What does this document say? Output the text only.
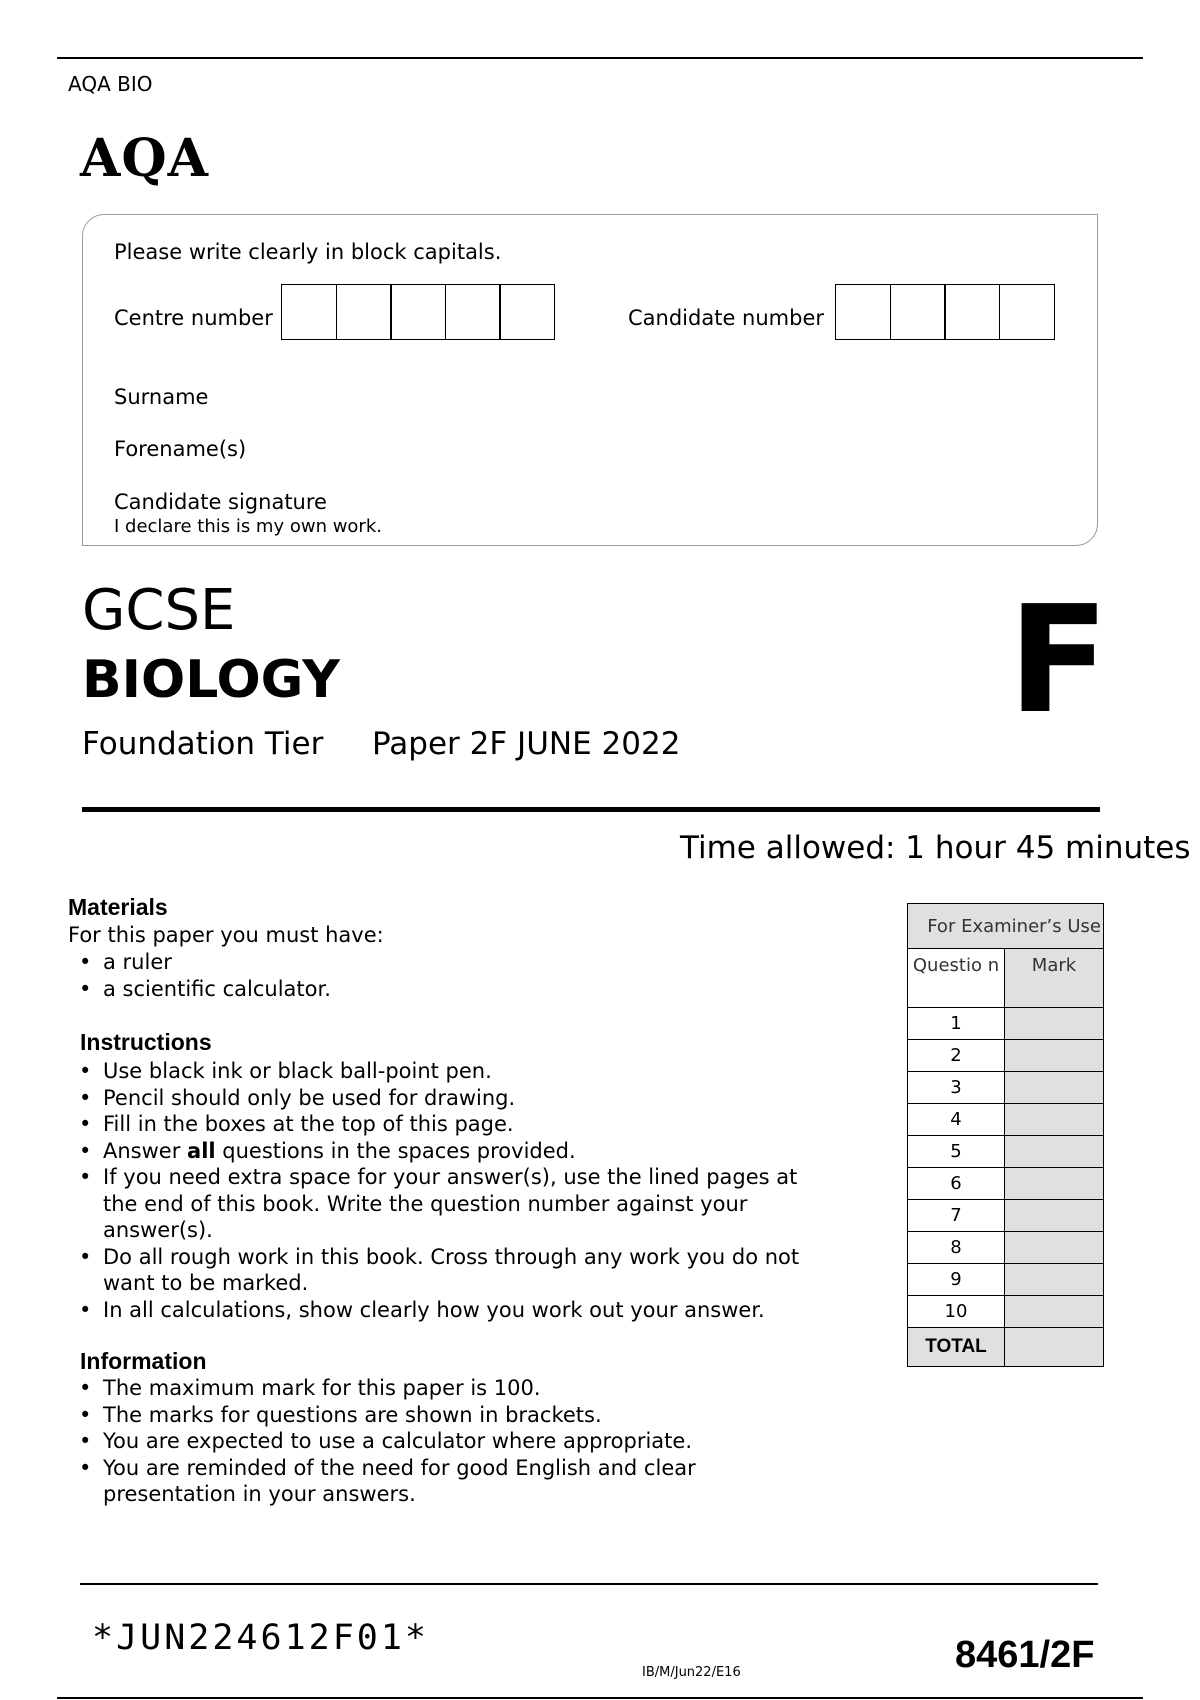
AQA BIO
AQA
Please write clearly in block capitals.
Centre number	Candidate number
Surname
Forename(s)
Candidate signature
I declare this is my own work.
GCSE
BIOLOGY
Foundation Tier Paper 2F JUNE 2022 F
Time allowed: 1 hour 45 minutes
Materials
For this paper you must have:
• a ruler
• a scientific calculator.
Instructions
• Use black ink or black ball-point pen.
• Pencil should only be used for drawing.
• Fill in the boxes at the top of this page.
• Answer all questions in the spaces provided.
• If you need extra space for your answer(s), use the lined pages at the end of this book. Write the question number against your answer(s).
• Do all rough work in this book. Cross through any work you do not want to be marked.
• In all calculations, show clearly how you work out your answer.
Information
• The maximum mark for this paper is 100.
• The marks for questions are shown in brackets.
• You are expected to use a calculator where appropriate.
• You are reminded of the need for good English and clear presentation in your answers.
For Examiner’s Use	
Questio n	Mark
1	
2	
3	
4	
5	
6	
7	
8	
9	
10	
TOTAL	
*JUN224612F01*
IB/M/Jun22/E16	8461/2F
